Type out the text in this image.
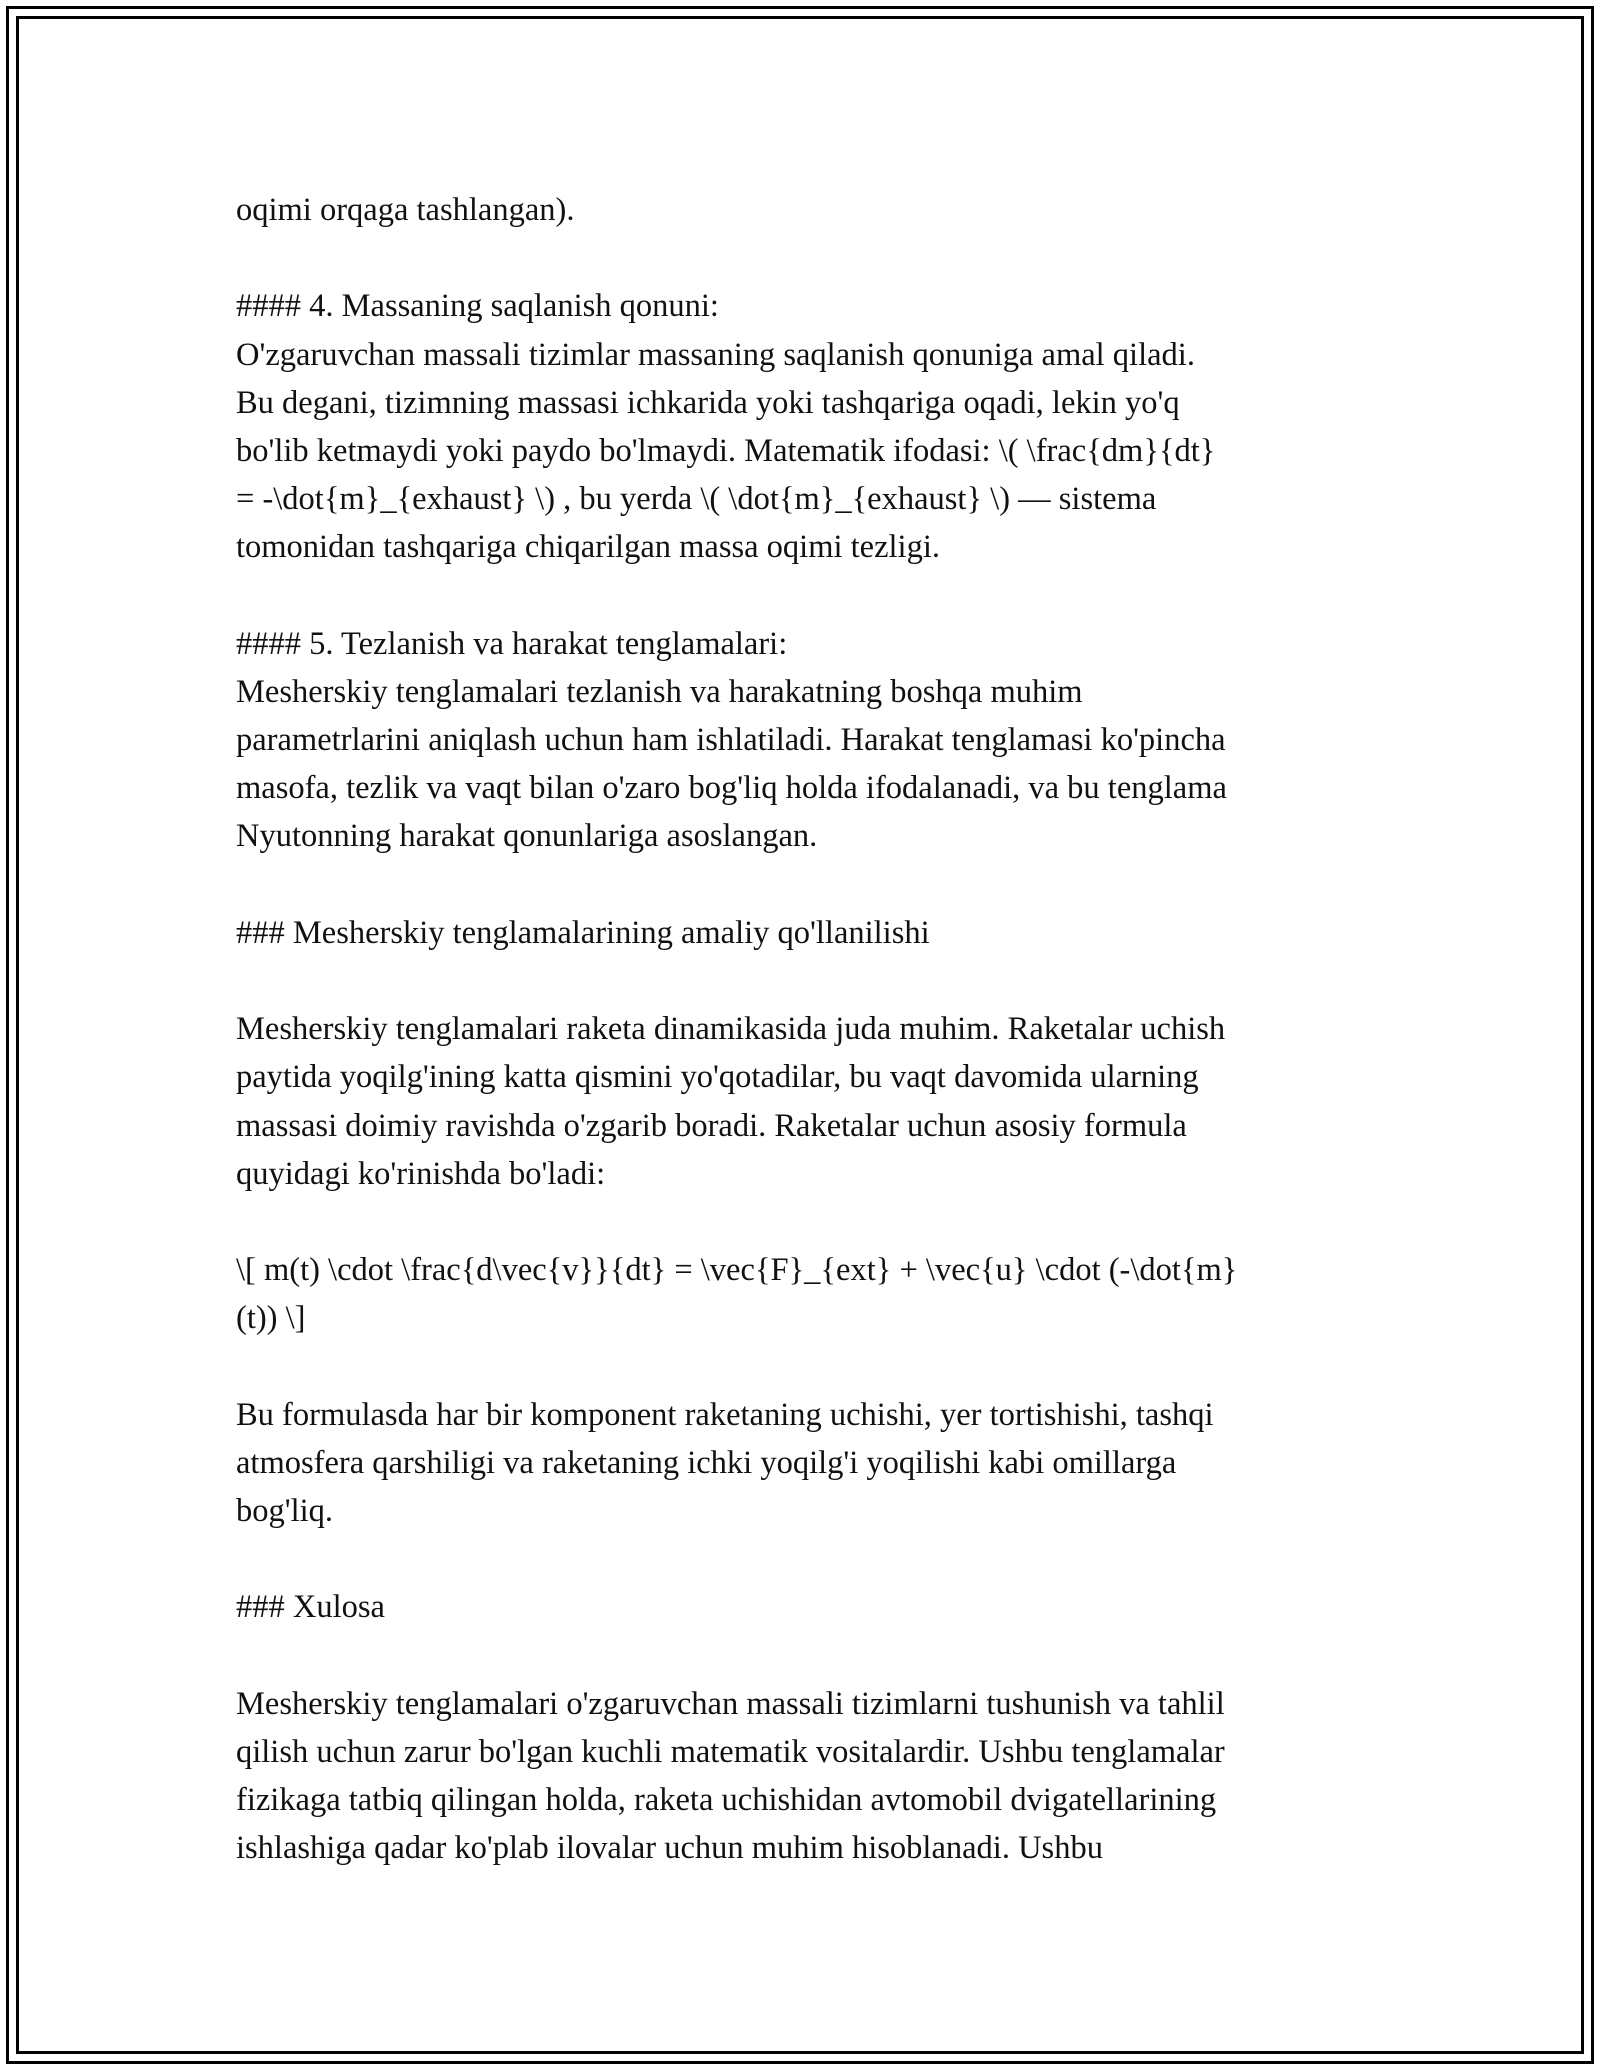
oqimi orqaga tashlangan).
#### 4. Massaning saqlanish qonuni:
O'zgaruvchan massali tizimlar massaning saqlanish qonuniga amal qiladi.
Bu degani, tizimning massasi ichkarida yoki tashqariga oqadi, lekin yo'q
bo'lib ketmaydi yoki paydo bo'lmaydi. Matematik ifodasi: \( \frac{dm}{dt}
= -\dot{m}_{exhaust} \) , bu yerda \( \dot{m}_{exhaust} \) — sistema
tomonidan tashqariga chiqarilgan massa oqimi tezligi.
#### 5. Tezlanish va harakat tenglamalari:
Mesherskiy tenglamalari tezlanish va harakatning boshqa muhim
parametrlarini aniqlash uchun ham ishlatiladi. Harakat tenglamasi ko'pincha
masofa, tezlik va vaqt bilan o'zaro bog'liq holda ifodalanadi, va bu tenglama
Nyutonning harakat qonunlariga asoslangan.
### Mesherskiy tenglamalarining amaliy qo'llanilishi
Mesherskiy tenglamalari raketa dinamikasida juda muhim. Raketalar uchish
paytida yoqilg'ining katta qismini yo'qotadilar, bu vaqt davomida ularning
massasi doimiy ravishda o'zgarib boradi. Raketalar uchun asosiy formula
quyidagi ko'rinishda bo'ladi:
\[ m(t) \cdot \frac{d\vec{v}}{dt} = \vec{F}_{ext} + \vec{u} \cdot (-\dot{m}
(t)) \]
Bu formulasda har bir komponent raketaning uchishi, yer tortishishi, tashqi
atmosfera qarshiligi va raketaning ichki yoqilg'i yoqilishi kabi omillarga
bog'liq.
### Xulosa
Mesherskiy tenglamalari o'zgaruvchan massali tizimlarni tushunish va tahlil
qilish uchun zarur bo'lgan kuchli matematik vositalardir. Ushbu tenglamalar
fizikaga tatbiq qilingan holda, raketa uchishidan avtomobil dvigatellarining
ishlashiga qadar ko'plab ilovalar uchun muhim hisoblanadi. Ushbu
